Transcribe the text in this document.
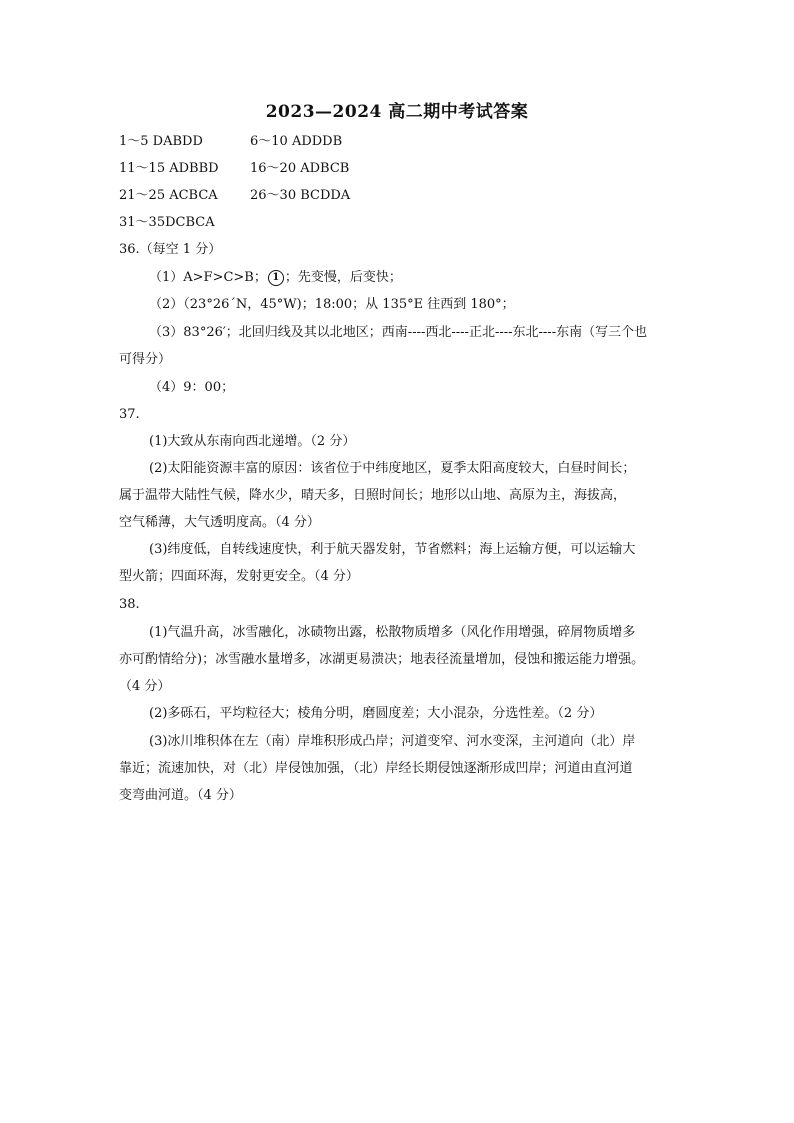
2023—2024 高二期中考试答案
1～5 DABDD	6～10 ADDDB
11～15 ADBBD 16～20 ADBCB
21～25 ACBCA 26～30 BCDDA
31～35DCBCA
36.（每空 1 分）
（1）A>F>C>B； 1 ；先变慢，后变快；
（2）（23°26ˊN，45°W)；18:00；从 135°E 往西到 180°；
（3）83°26′；北回归线及其以北地区；西南----西北----正北----东北----东南（写三个也
可得分）
（4）9：00；
37.
(1)大致从东南向西北递增。（2 分）
(2)太阳能资源丰富的原因：该省位于中纬度地区，夏季太阳高度较大，白昼时间长；
属于温带大陆性气候，降水少，晴天多，日照时间长；地形以山地、高原为主，海拔高，
空气稀薄，大气透明度高。（4 分）
(3)纬度低，自转线速度快，利于航天器发射，节省燃料；海上运输方便，可以运输大
型火箭；四面环海，发射更安全。（4 分）
38.
(1)气温升高，冰雪融化，冰碛物出露，松散物质增多（风化作用增强，碎屑物质增多
亦可酌情给分)；冰雪融水量增多，冰湖更易溃决；地表径流量增加，侵蚀和搬运能力增强。
（4 分）
(2)多砾石，平均粒径大；棱角分明，磨圆度差；大小混杂，分选性差。（2 分）
(3)冰川堆积体在左（南）岸堆积形成凸岸；河道变窄、河水变深，主河道向（北）岸
靠近；流速加快，对（北）岸侵蚀加强，（北）岸经长期侵蚀逐渐形成凹岸；河道由直河道
变弯曲河道。（4 分）
